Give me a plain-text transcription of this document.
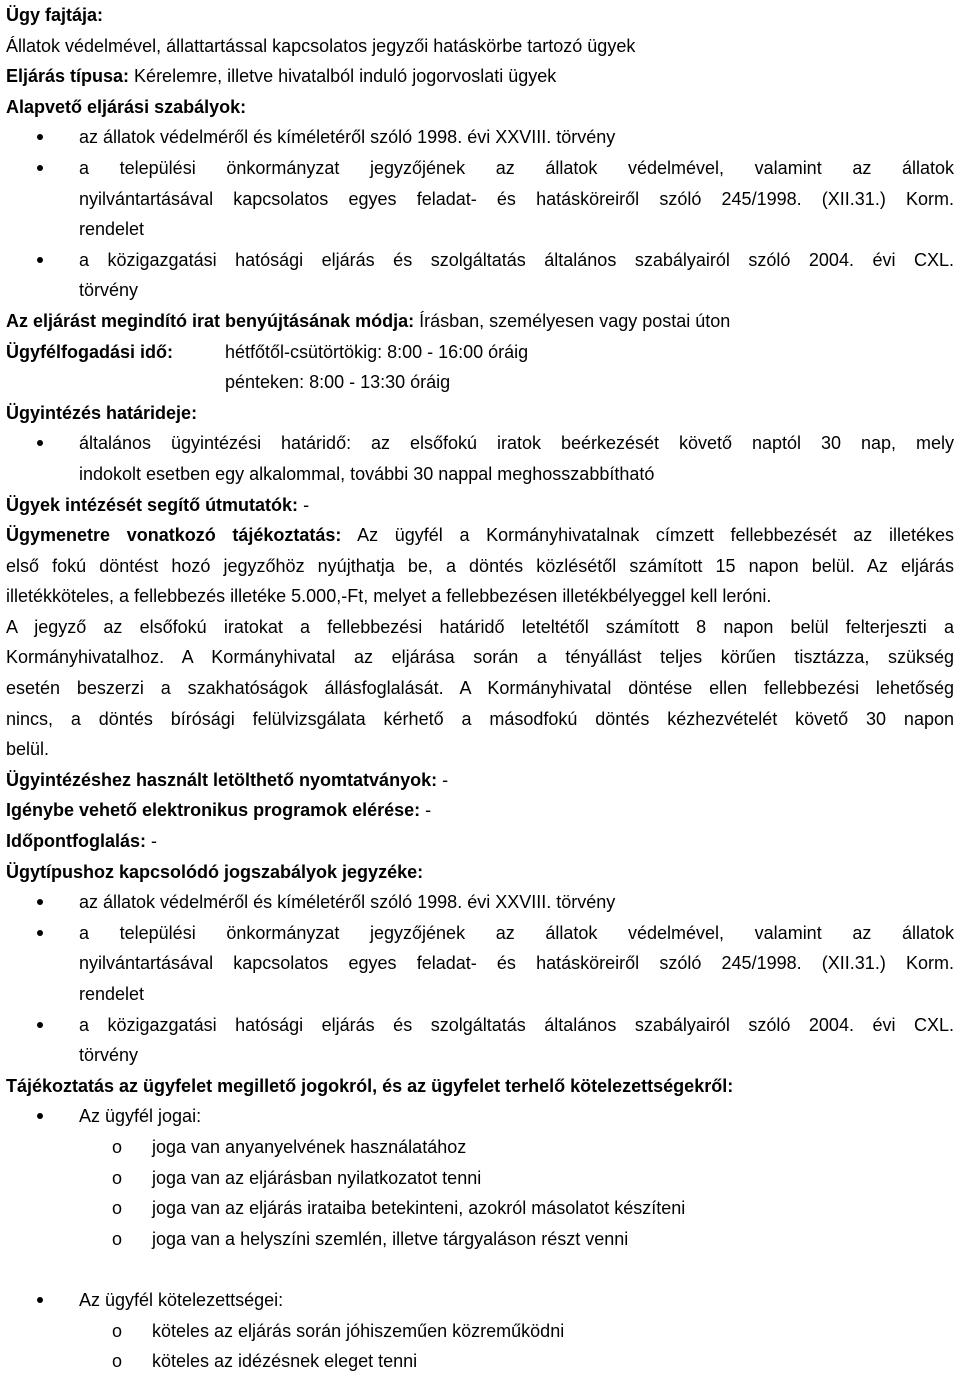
Ügy fajtája:
Állatok védelmével, állattartással kapcsolatos jegyzői hatáskörbe tartozó ügyek
Eljárás típusa: Kérelemre, illetve hivatalból induló jogorvoslati ügyek
Alapvető eljárási szabályok:
az állatok védelméről és kíméletéről szóló 1998. évi XXVIII. törvény
a települési önkormányzat jegyzőjének az állatok védelmével, valamint az állatok
nyilvántartásával kapcsolatos egyes feladat- és hatásköreiről szóló 245/1998. (XII.31.) Korm.
rendelet
a közigazgatási hatósági eljárás és szolgáltatás általános szabályairól szóló 2004. évi CXL.
törvény
Az eljárást megindító irat benyújtásának módja: Írásban, személyesen vagy postai úton
Ügyfélfogadási idő:	hétfőtől-csütörtökig: 8:00 - 16:00 óráig
pénteken: 8:00 - 13:30 óráig
Ügyintézés határideje:
általános ügyintézési határidő: az elsőfokú iratok beérkezését követő naptól 30 nap, mely
indokolt esetben egy alkalommal, további 30 nappal meghosszabbítható
Ügyek intézését segítő útmutatók: -
Ügymenetre vonatkozó tájékoztatás: Az ügyfél a Kormányhivatalnak címzett fellebbezését az illetékes
első fokú döntést hozó jegyzőhöz nyújthatja be, a döntés közlésétől számított 15 napon belül. Az eljárás
illetékköteles, a fellebbezés illetéke 5.000,-Ft, melyet a fellebbezésen illetékbélyeggel kell leróni.
A jegyző az elsőfokú iratokat a fellebbezési határidő leteltétől számított 8 napon belül felterjeszti a
Kormányhivatalhoz. A Kormányhivatal az eljárása során a tényállást teljes körűen tisztázza, szükség
esetén beszerzi a szakhatóságok állásfoglalását. A Kormányhivatal döntése ellen fellebbezési lehetőség
nincs, a döntés bírósági felülvizsgálata kérhető a másodfokú döntés kézhezvételét követő 30 napon
belül.
Ügyintézéshez használt letölthető nyomtatványok: -
Igénybe vehető elektronikus programok elérése: -
Időpontfoglalás: -
Ügytípushoz kapcsolódó jogszabályok jegyzéke:
az állatok védelméről és kíméletéről szóló 1998. évi XXVIII. törvény
a települési önkormányzat jegyzőjének az állatok védelmével, valamint az állatok
nyilvántartásával kapcsolatos egyes feladat- és hatásköreiről szóló 245/1998. (XII.31.) Korm.
rendelet
a közigazgatási hatósági eljárás és szolgáltatás általános szabályairól szóló 2004. évi CXL.
törvény
Tájékoztatás az ügyfelet megillető jogokról, és az ügyfelet terhelő kötelezettségekről:
Az ügyfél jogai:
o joga van anyanyelvének használatához
o joga van az eljárásban nyilatkozatot tenni
o joga van az eljárás irataiba betekinteni, azokról másolatot készíteni
o joga van a helyszíni szemlén, illetve tárgyaláson részt venni
Az ügyfél kötelezettségei:
o köteles az eljárás során jóhiszeműen közreműködni
o köteles az idézésnek eleget tenni
